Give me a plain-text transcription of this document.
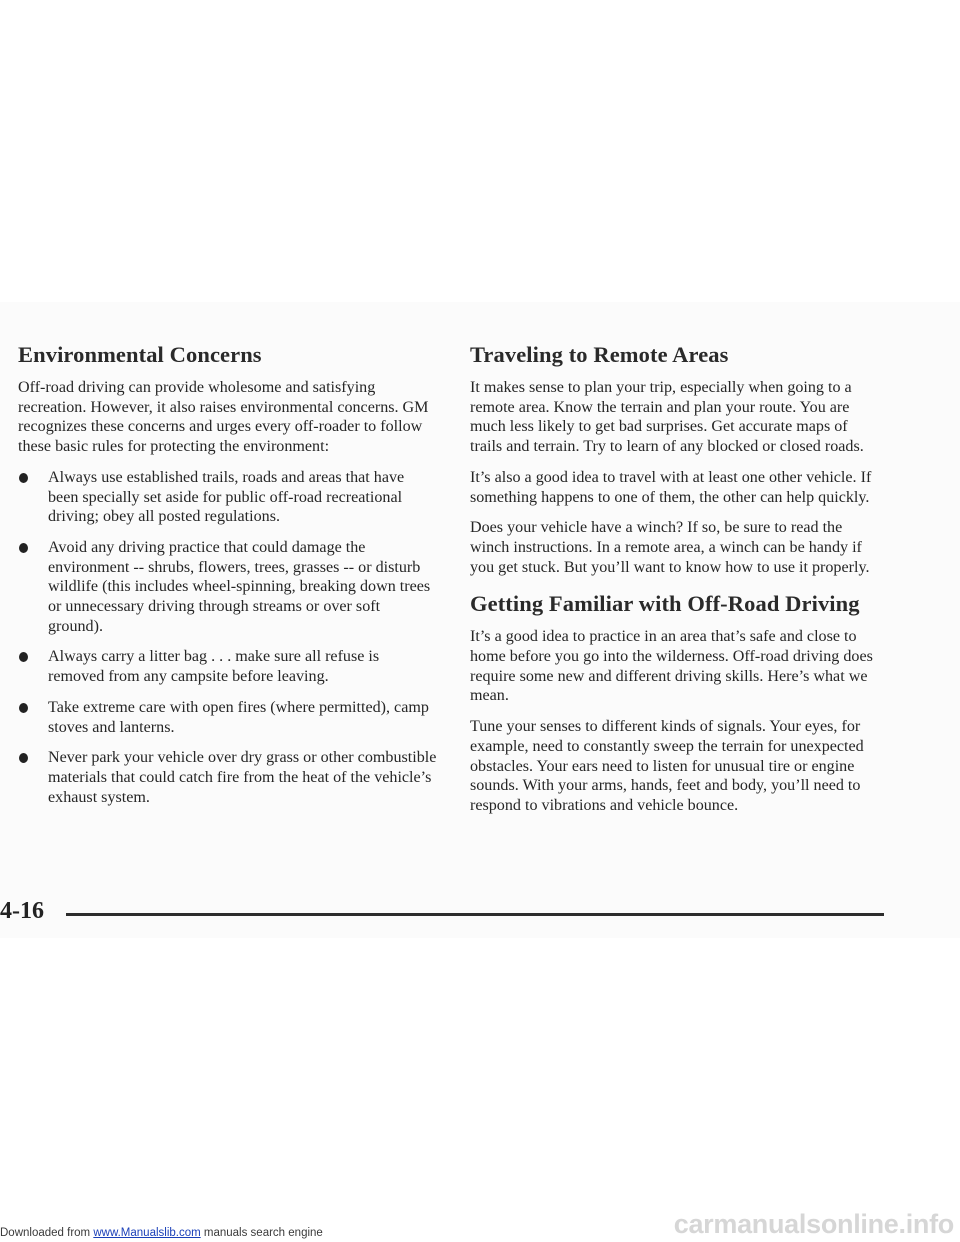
Environmental Concerns

Off-road driving can provide wholesome and satisfying recreation. However, it also raises environmental concerns. GM recognizes these concerns and urges every off-roader to follow these basic rules for protecting the environment:

Always use established trails, roads and areas that have been specially set aside for public off-road recreational driving; obey all posted regulations.
Avoid any driving practice that could damage the environment -- shrubs, flowers, trees, grasses -- or disturb wildlife (this includes wheel-spinning, breaking down trees or unnecessary driving through streams or over soft ground).
Always carry a litter bag . . . make sure all refuse is removed from any campsite before leaving.
Take extreme care with open fires (where permitted), camp stoves and lanterns.
Never park your vehicle over dry grass or other combustible materials that could catch fire from the heat of the vehicle’s exhaust system.
Traveling to Remote Areas

It makes sense to plan your trip, especially when going to a remote area. Know the terrain and plan your route. You are much less likely to get bad surprises. Get accurate maps of trails and terrain. Try to learn of any blocked or closed roads.

It’s also a good idea to travel with at least one other vehicle. If something happens to one of them, the other can help quickly.

Does your vehicle have a winch? If so, be sure to read the winch instructions. In a remote area, a winch can be handy if you get stuck. But you’ll want to know how to use it properly.

Getting Familiar with Off-Road Driving

It’s a good idea to practice in an area that’s safe and close to home before you go into the wilderness. Off-road driving does require some new and different driving skills. Here’s what we mean.

Tune your senses to different kinds of signals. Your eyes, for example, need to constantly sweep the terrain for unexpected obstacles. Your ears need to listen for unusual tire or engine sounds. With your arms, hands, feet and body, you’ll need to respond to vibrations and vehicle bounce.

4-16
Downloaded from www.Manualslib.com manuals search engine	carmanualsonline.info
